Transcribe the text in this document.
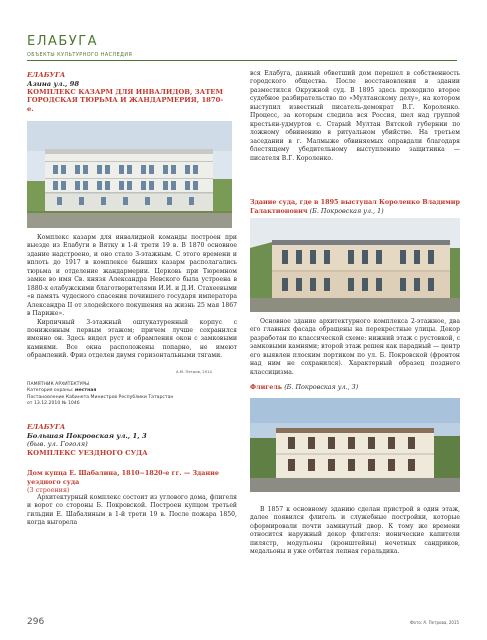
ЕЛАБУГА
ОБЪЕКТЫ КУЛЬТУРНОГО НАСЛЕДИЯ
ЕЛАБУГА
Азина ул., 98
КОМПЛЕКС КАЗАРМ ДЛЯ ИНВАЛИДОВ, ЗАТЕМ ГОРОДСКАЯ ТЮРЬМА И ЖАНДАРМЕРИЯ, 1870-е.

Комплекс казарм для инвалидной команды построен при выезде из Елабуги в Вятку в 1-й трети 19 в. В 1870 основное здание надстроено, и оно стало 3-этажным. С этого времени и вплоть до 1917 в комплексе бывших казарм располагались тюрьма и отделение жандармерии. Церковь при Тюремном замке во имя Св. князя Александра Невского была устроена в 1880-х елабужскими благотворителями И.И. и Д.И. Стахеевыми «в память чудесного спасения почившего государя императора Александра II от злодейского покушения на жизнь 25 мая 1867 в Париже».

Кирпичный 3-этажный оштукатуренный корпус с пониженным первым этажом; причем лучше сохранился именно он. Здесь видел руст и обрамления окон с замковыми камнями. Все окна расположены попарно, не имеют обрамлений. Фриз отделен двумя горизонтальными тягами.

А.М. Петров, 2014
ПАМЯТНИК АРХИТЕКТУРЫ
Категория охраны: местная
Постановление Кабинета Министров Республики Татарстан
от 13.12.2010 № 1046
ЕЛАБУГА
Большая Покровская ул., 1, 3
(быв. ул. Гоголя)
КОМПЛЕКС УЕЗДНОГО СУДА
Дом купца Е. Шабалина, 1810−1820-е гг. — Здание уездного суда
(3 строения)

Архитектурный комплекс состоит из углового дома, флигеля и ворот со стороны Б. Покровской. Построен купцом третьей гильдии Е. Шабалиным в 1-й трети 19 в. После пожара 1850, когда выгорела

вся Елабуга, данный обветший дом перешел в собственность городского общества. После восстановления в здании разместился Окружной суд. В 1895 здесь проходило второе судебное разбирательство по «Мултанскому делу», на котором выступил известный писатель-демократ В.Г. Короленко. Процесс, за которым следила вся Россия, шел над группой крестьян-удмуртов с. Старый Мултан Вятской губернии по ложному обвинению в ритуальном убийстве. На третьем заседании в г. Малмыже обвиняемых оправдали благодаря блестящему убедительному выступлению защитника — писателя В.Г. Короленко.

Здание суда, где в 1895 выступал Короленко Владимир Галактионович (Б. Покровская ул., 1)

Основное здание архитектурного комплекса 2-этажное, два его главных фасада обращены на перекрестные улицы. Декор разработан по классической схеме: нижний этаж с рустовкой, с замковыми камнями; второй этаж решен как парадный — центр его выявлен плоским портиком по ул. Б. Покровской (фронтон над ним не сохранился). Характерный образец позднего классицизма.

Флигель (Б. Покровская ул., 3)

В 1857 к основному зданию сделан пристрой в один этаж, далее появился флигель и служебные постройки, которые сформировали почти замкнутый двор. К тому же времени относится наружный декор флигеля: ионические капители пилястр, модульоны (кронштейны) нечетных сандриков, медальоны и уже отбитая лепная геральдика.

296	Фото: А. Петрова, 2015
